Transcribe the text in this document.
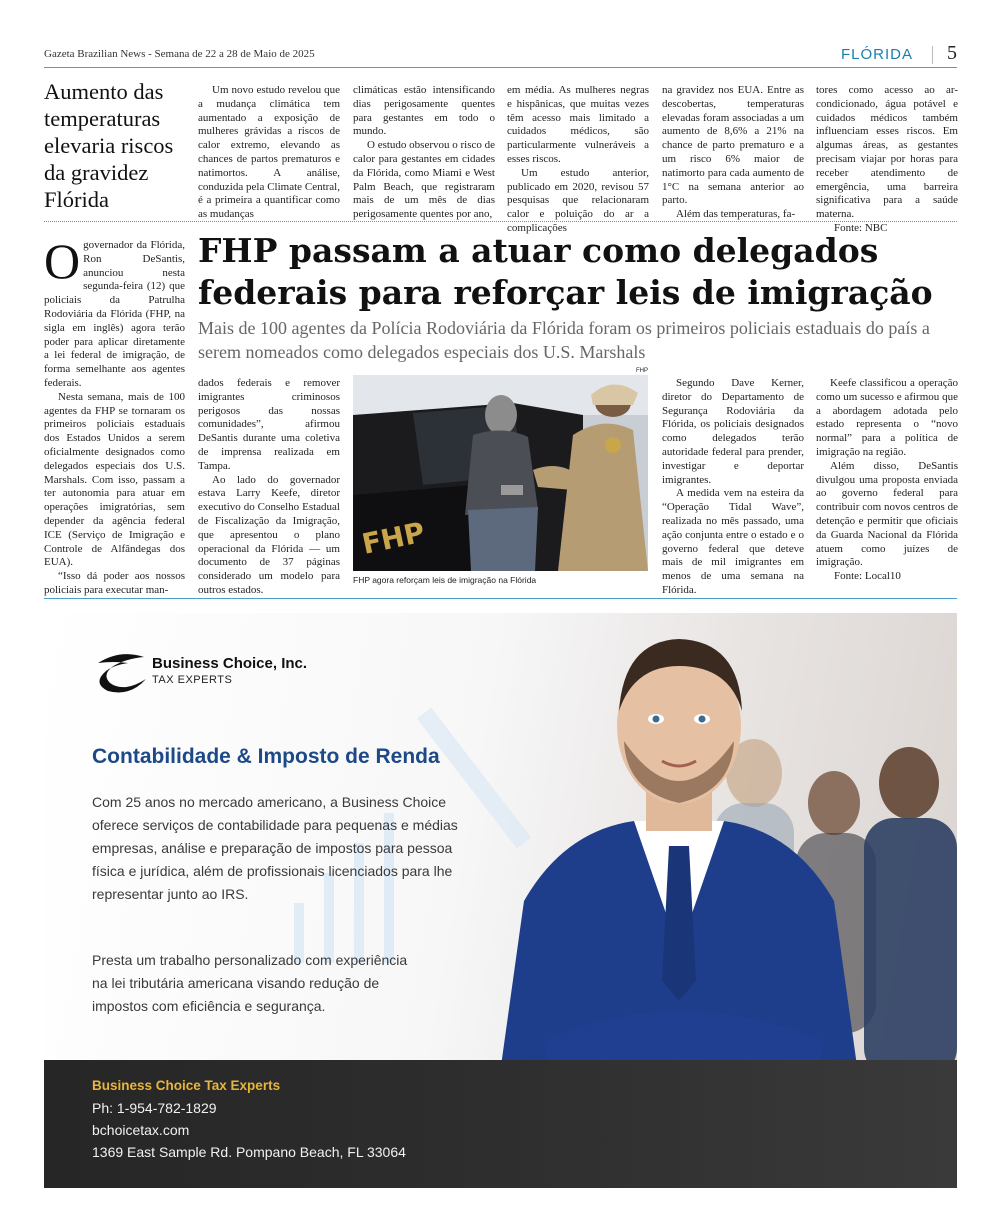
Gazeta Brazilian News - Semana de 22 a 28 de Maio de 2025	FLÓRIDA 5
Aumento das temperaturas elevaria riscos da gravidez Flórida

Um novo estudo revelou que a mudança climática tem aumentado a exposição de mulheres grávidas a riscos de calor extremo, elevando as chances de partos prematuros e natimortos. A análise, conduzida pela Climate Central, é a primeira a quantificar como as mudanças

climáticas estão intensificando dias perigosamente quentes para gestantes em todo o mundo.

O estudo observou o risco de calor para gestantes em cidades da Flórida, como Miami e West Palm Beach, que registraram mais de um mês de dias perigosamente quentes por ano,

em média. As mulheres negras e hispânicas, que muitas vezes têm acesso mais limitado a cuidados médicos, são particularmente vulneráveis a esses riscos.

Um estudo anterior, publicado em 2020, revisou 57 pesquisas que relacionaram calor e poluição do ar a complicações

na gravidez nos EUA. Entre as descobertas, temperaturas elevadas foram associadas a um aumento de 8,6% a 21% na chance de parto prematuro e a um risco 6% maior de natimorto para cada aumento de 1°C na semana anterior ao parto.

Além das temperaturas, fa-

tores como acesso ao ar-condicionado, água potável e cuidados médicos também influenciam esses riscos. Em algumas áreas, as gestantes precisam viajar por horas para receber atendimento de emergência, uma barreira significativa para a saúde materna.

Fonte: NBC

FHP passam a atuar como delegados federais para reforçar leis de imigração
Mais de 100 agentes da Polícia Rodoviária da Flórida foram os primeiros policiais estaduais do país a serem nomeados como delegados especiais dos U.S. Marshals

Ogovernador da Flórida, Ron DeSantis, anunciou nesta segunda-feira (12) que policiais da Patrulha Rodoviária da Flórida (FHP, na sigla em inglês) agora terão poder para aplicar diretamente a lei federal de imigração, de forma semelhante aos agentes federais.

Nesta semana, mais de 100 agentes da FHP se tornaram os primeiros policiais estaduais dos Estados Unidos a serem oficialmente designados como delegados especiais dos U.S. Marshals. Com isso, passam a ter autonomia para atuar em operações imigratórias, sem depender da agência federal ICE (Serviço de Imigração e Controle de Alfândegas dos EUA).

“Isso dá poder aos nossos policiais para executar man-

dados federais e remover imigrantes criminosos perigosos das nossas comunidades”, afirmou DeSantis durante uma coletiva de imprensa realizada em Tampa.

Ao lado do governador estava Larry Keefe, diretor executivo do Conselho Estadual de Fiscalização da Imigração, que apresentou o plano operacional da Flórida — um documento de 37 páginas considerado um modelo para outros estados.

FHP
FHP
FHP agora reforçam leis de imigração na Flórida

Segundo Dave Kerner, diretor do Departamento de Segurança Rodoviária da Flórida, os policiais designados como delegados terão autoridade federal para prender, investigar e deportar imigrantes.

A medida vem na esteira da “Operação Tidal Wave”, realizada no mês passado, uma ação conjunta entre o estado e o governo federal que deteve mais de mil imigrantes em menos de uma semana na Flórida.

Keefe classificou a operação como um sucesso e afirmou que a abordagem adotada pelo estado representa o “novo normal” para a política de imigração na região.

Além disso, DeSantis divulgou uma proposta enviada ao governo federal para contribuir com novos centros de detenção e permitir que oficiais da Guarda Nacional da Flórida atuem como juízes de imigração.

Fonte: Local10

Business Choice, Inc.
TAX EXPERTS
Contabilidade & Imposto de Renda
Com 25 anos no mercado americano, a Business Choice oferece serviços de contabilidade para pequenas e médias empresas, análise e preparação de impostos para pessoa física e jurídica, além de profissionais licenciados para lhe representar junto ao IRS.
Presta um trabalho personalizado com experiência na lei tributária americana visando redução de impostos com eficiência e segurança.
Business Choice Tax Experts
Ph: 1-954-782-1829
bchoicetax.com
1369 East Sample Rd. Pompano Beach, FL 33064
